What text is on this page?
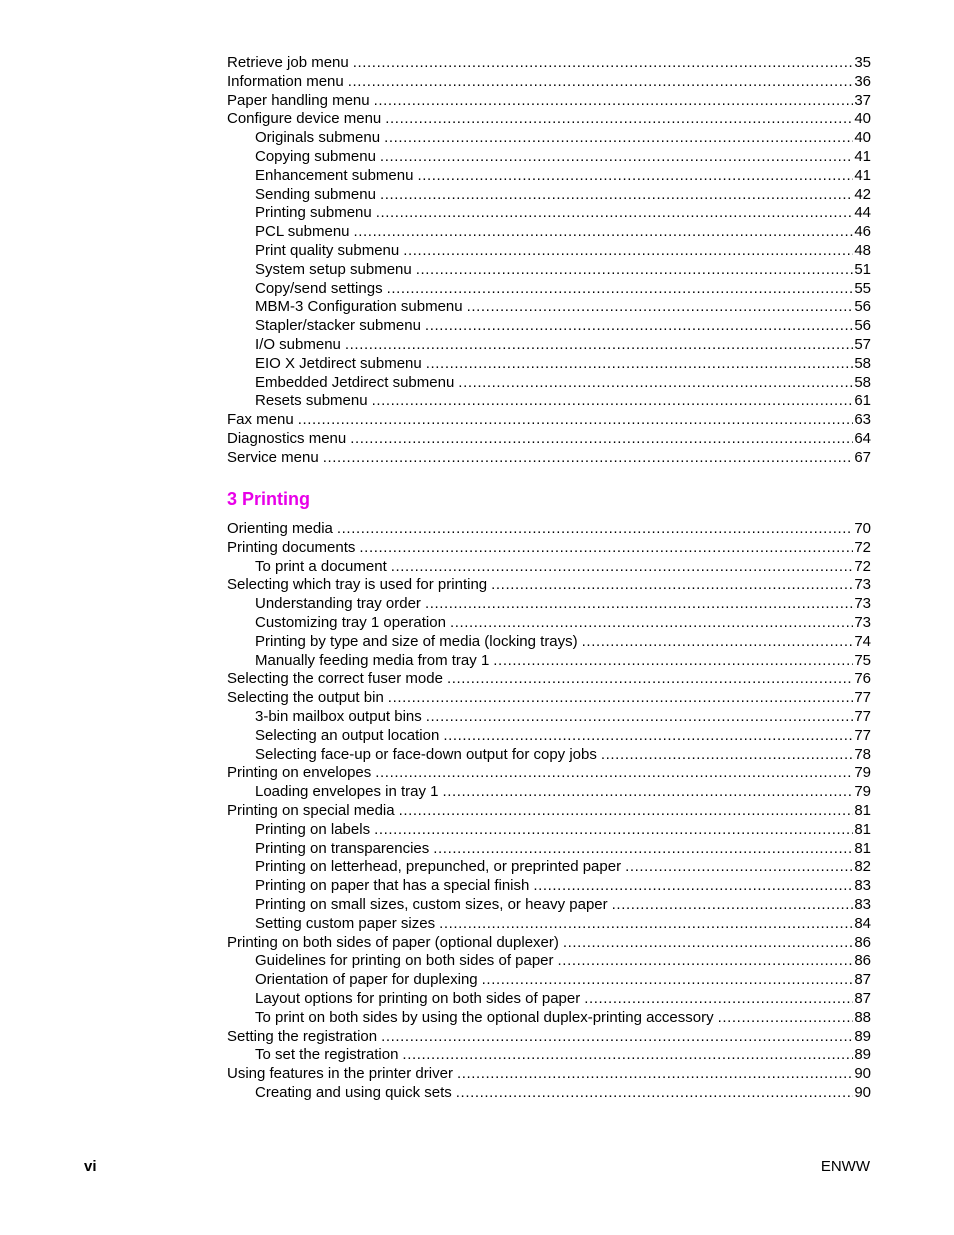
Retrieve job menu .....	35
Information menu .....	36
Paper handling menu .....	37
Configure device menu .....	40
Originals submenu .....	40
Copying submenu .....	41
Enhancement submenu .....	41
Sending submenu .....	42
Printing submenu .....	44
PCL submenu .....	46
Print quality submenu .....	48
System setup submenu .....	51
Copy/send settings .....	55
MBM-3 Configuration submenu .....	56
Stapler/stacker submenu .....	56
I/O submenu .....	57
EIO X Jetdirect submenu .....	58
Embedded Jetdirect submenu .....	58
Resets submenu .....	61
Fax menu .....	63
Diagnostics menu .....	64
Service menu .....	67
3 Printing
Orienting media .....	70
Printing documents .....	72
To print a document .....	72
Selecting which tray is used for printing .....	73
Understanding tray order .....	73
Customizing tray 1 operation .....	73
Printing by type and size of media (locking trays) .....	74
Manually feeding media from tray 1 .....	75
Selecting the correct fuser mode .....	76
Selecting the output bin .....	77
3-bin mailbox output bins .....	77
Selecting an output location .....	77
Selecting face-up or face-down output for copy jobs .....	78
Printing on envelopes .....	79
Loading envelopes in tray 1 .....	79
Printing on special media .....	81
Printing on labels .....	81
Printing on transparencies .....	81
Printing on letterhead, prepunched, or preprinted paper .....	82
Printing on paper that has a special finish .....	83
Printing on small sizes, custom sizes, or heavy paper .....	83
Setting custom paper sizes .....	84
Printing on both sides of paper (optional duplexer) .....	86
Guidelines for printing on both sides of paper .....	86
Orientation of paper for duplexing .....	87
Layout options for printing on both sides of paper .....	87
To print on both sides by using the optional duplex-printing accessory .....	88
Setting the registration .....	89
To set the registration .....	89
Using features in the printer driver .....	90
Creating and using quick sets .....	90
vi	ENWW
